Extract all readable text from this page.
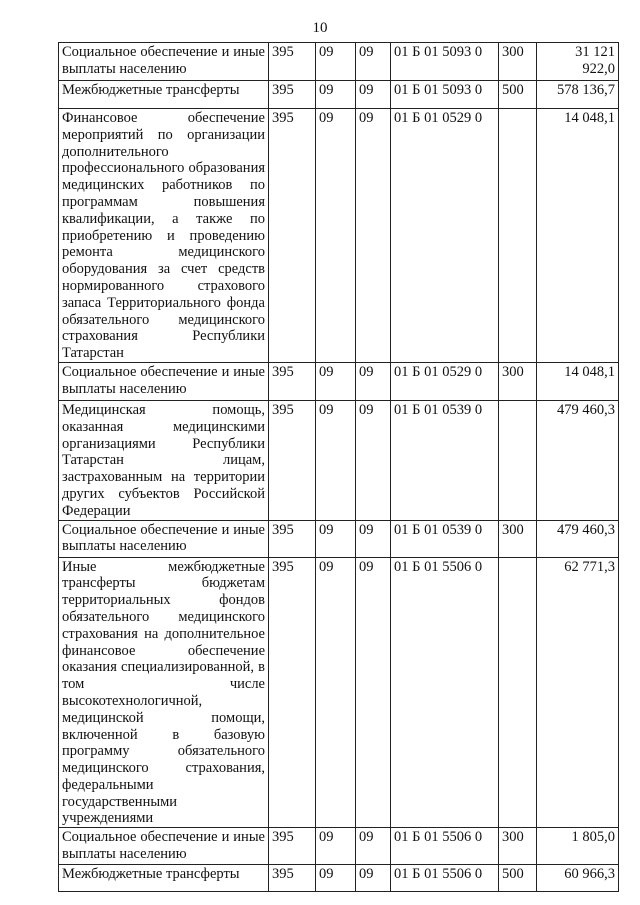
10
Социальное обеспечение и иные выплаты населению	395	09	09	01 Б 01 5093 0	300	31 121 922,0
Межбюджетные трансферты	395	09	09	01 Б 01 5093 0	500	578 136,7
Финансовое обеспечение мероприятий по организации дополнительного профессионального образования медицинских работников по программам повышения квалификации, а также по приобретению и проведению ремонта медицинского оборудования за счет средств нормированного страхового запаса Территориального фонда обязательного медицинского страхования Республики Татарстан	395	09	09	01 Б 01 0529 0		14 048,1
Социальное обеспечение и иные выплаты населению	395	09	09	01 Б 01 0529 0	300	14 048,1
Медицинская помощь, оказанная медицинскими организациями Республики Татарстан лицам, застрахованным на территории других субъектов Российской Федерации	395	09	09	01 Б 01 0539 0		479 460,3
Социальное обеспечение и иные выплаты населению	395	09	09	01 Б 01 0539 0	300	479 460,3
Иные межбюджетные трансферты бюджетам территориальных фондов обязательного медицинского страхования на дополнительное финансовое обеспечение оказания специализированной, в том числе высокотехнологичной, медицинской помощи, включенной в базовую программу обязательного медицинского страхования, федеральными государственными учреждениями	395	09	09	01 Б 01 5506 0		62 771,3
Социальное обеспечение и иные выплаты населению	395	09	09	01 Б 01 5506 0	300	1 805,0
Межбюджетные трансферты	395	09	09	01 Б 01 5506 0	500	60 966,3
